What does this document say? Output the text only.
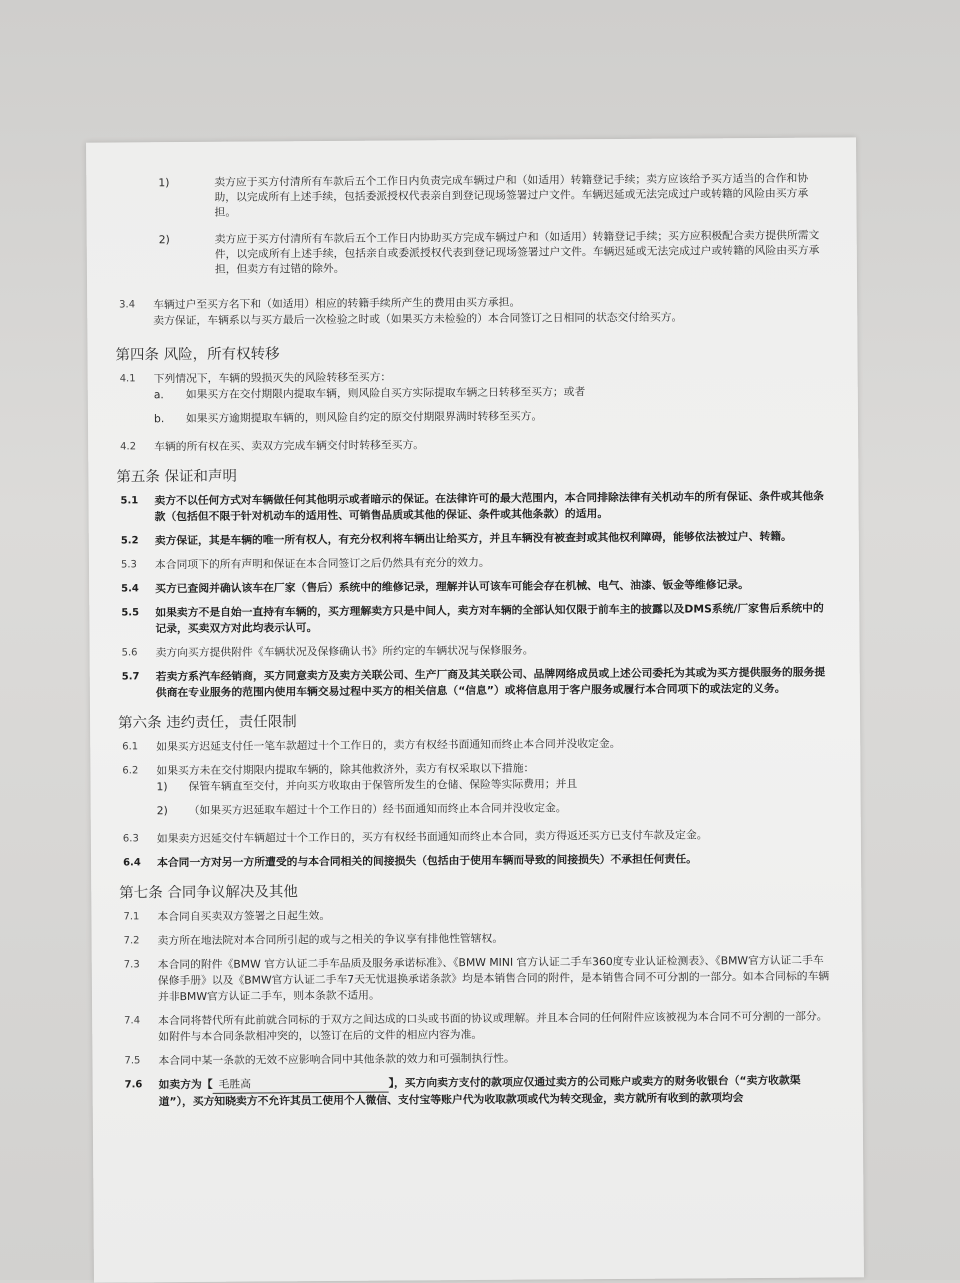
1)	卖方应于买方付清所有车款后五个工作日内负责完成车辆过户和（如适用）转籍登记手续；卖方应该给予买方适当的合作和协助，以完成所有上述手续，包括委派授权代表亲自到登记现场签署过户文件。车辆迟延或无法完成过户或转籍的风险由买方承担。
2)	卖方应于买方付清所有车款后五个工作日内协助买方完成车辆过户和（如适用）转籍登记手续；买方应积极配合卖方提供所需文件，以完成所有上述手续，包括亲自或委派授权代表到登记现场签署过户文件。车辆迟延或无法完成过户或转籍的风险由买方承担，但卖方有过错的除外。
3.4	车辆过户至买方名下和（如适用）相应的转籍手续所产生的费用由买方承担。
卖方保证，车辆系以与买方最后一次检验之时或（如果买方未检验的）本合同签订之日相同的状态交付给买方。
第四条 风险，所有权转移
4.1	下列情况下，车辆的毁损灭失的风险转移至买方：
a.	如果买方在交付期限内提取车辆，则风险自买方实际提取车辆之日转移至买方；或者
b.	如果买方逾期提取车辆的，则风险自约定的原交付期限界满时转移至买方。
4.2	车辆的所有权在买、卖双方完成车辆交付时转移至买方。
第五条 保证和声明
5.1	卖方不以任何方式对车辆做任何其他明示或者暗示的保证。在法律许可的最大范围内，本合同排除法律有关机动车的所有保证、条件或其他条款（包括但不限于针对机动车的适用性、可销售品质或其他的保证、条件或其他条款）的适用。
5.2	卖方保证，其是车辆的唯一所有权人，有充分权利将车辆出让给买方，并且车辆没有被查封或其他权利障碍，能够依法被过户、转籍。
5.3	本合同项下的所有声明和保证在本合同签订之后仍然具有充分的效力。
5.4	买方已查阅并确认该车在厂家（售后）系统中的维修记录，理解并认可该车可能会存在机械、电气、油漆、钣金等维修记录。
5.5	如果卖方不是自始一直持有车辆的，买方理解卖方只是中间人，卖方对车辆的全部认知仅限于前车主的披露以及DMS系统/厂家售后系统中的记录，买卖双方对此均表示认可。
5.6	卖方向买方提供附件《车辆状况及保修确认书》所约定的车辆状况与保修服务。
5.7	若卖方系汽车经销商，买方同意卖方及卖方关联公司、生产厂商及其关联公司、品牌网络成员或上述公司委托为其或为买方提供服务的服务提供商在专业服务的范围内使用车辆交易过程中买方的相关信息（“信息”）或将信息用于客户服务或履行本合同项下的或法定的义务。
第六条 违约责任，责任限制
6.1	如果买方迟延支付任一笔车款超过十个工作日的，卖方有权经书面通知而终止本合同并没收定金。
6.2	如果买方未在交付期限内提取车辆的，除其他救济外，卖方有权采取以下措施：
1)	保管车辆直至交付，并向买方收取由于保管所发生的仓储、保险等实际费用；并且
2)	（如果买方迟延取车超过十个工作日的）经书面通知而终止本合同并没收定金。
6.3	如果卖方迟延交付车辆超过十个工作日的，买方有权经书面通知而终止本合同，卖方得返还买方已支付车款及定金。
6.4	本合同一方对另一方所遭受的与本合同相关的间接损失（包括由于使用车辆而导致的间接损失）不承担任何责任。
第七条 合同争议解决及其他
7.1	本合同自买卖双方签署之日起生效。
7.2	卖方所在地法院对本合同所引起的或与之相关的争议享有排他性管辖权。
7.3	本合同的附件《BMW 官方认证二手车品质及服务承诺标准》、《BMW MINI 官方认证二手车360度专业认证检测表》、《BMW官方认证二手车保修手册》以及《BMW官方认证二手车7天无忧退换承诺条款》均是本销售合同的附件，是本销售合同不可分割的一部分。如本合同标的车辆并非BMW官方认证二手车，则本条款不适用。
7.4	本合同将替代所有此前就合同标的于双方之间达成的口头或书面的协议或理解。并且本合同的任何附件应该被视为本合同不可分割的一部分。如附件与本合同条款相冲突的，以签订在后的文件的相应内容为准。
7.5	本合同中某一条款的无效不应影响合同中其他条款的效力和可强制执行性。
7.6	如卖方为【 毛胜高	】，买方向卖方支付的款项应仅通过卖方的公司账户或卖方的财务收银台（“卖方收款渠道”），买方知晓卖方不允许其员工使用个人微信、支付宝等账户代为收取款项或代为转交现金，卖方就所有收到的款项均会
